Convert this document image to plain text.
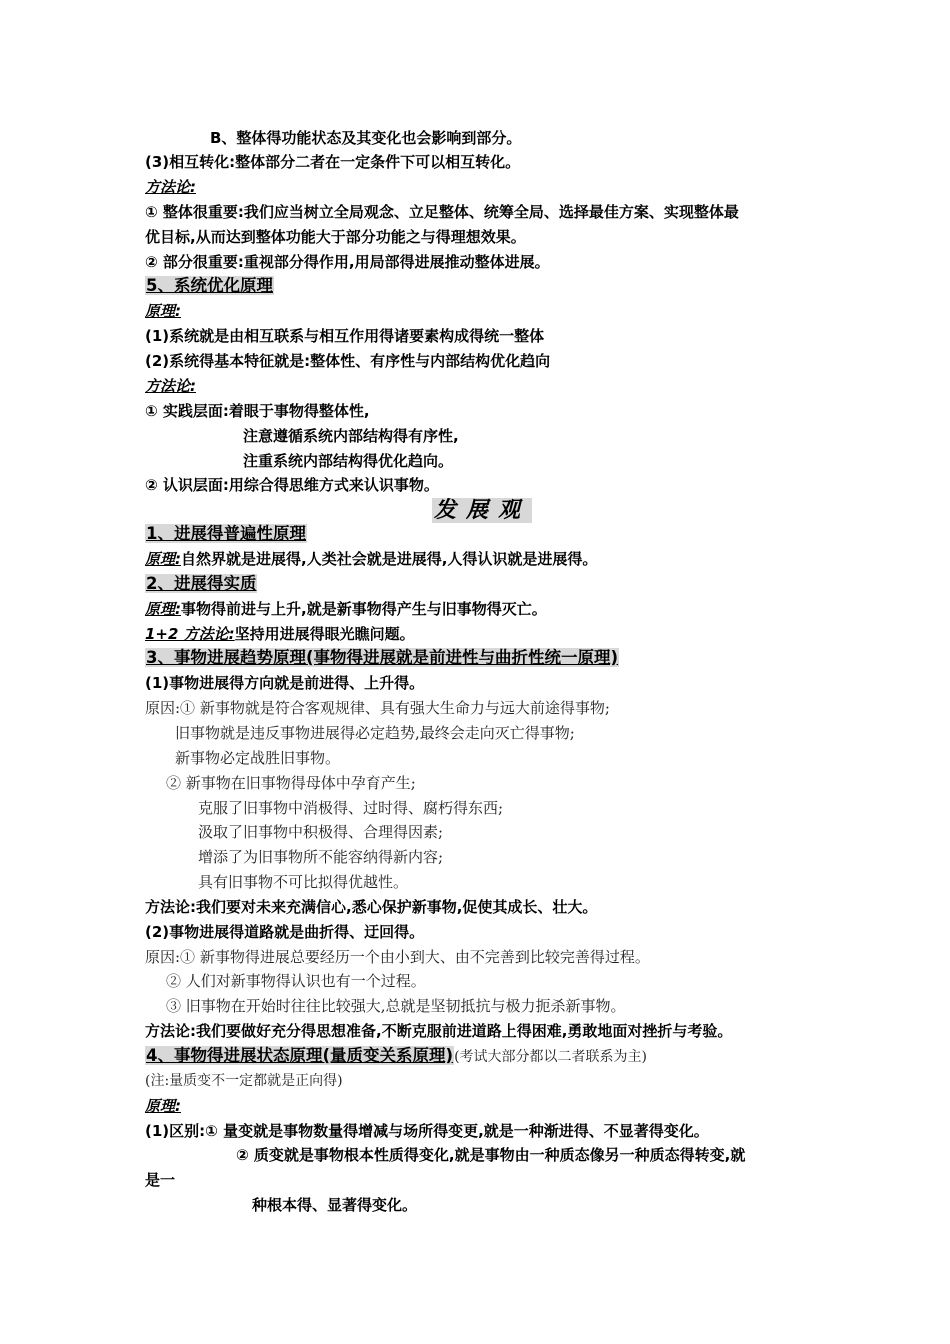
B、整体得功能状态及其变化也会影响到部分。
(3)相互转化:整体部分二者在一定条件下可以相互转化。
方法论:
① 整体很重要:我们应当树立全局观念、立足整体、统筹全局、选择最佳方案、实现整体最
优目标,从而达到整体功能大于部分功能之与得理想效果。
② 部分很重要:重视部分得作用,用局部得进展推动整体进展。
5、系统优化原理
原理:
(1)系统就是由相互联系与相互作用得诸要素构成得统一整体
(2)系统得基本特征就是:整体性、有序性与内部结构优化趋向
方法论:
① 实践层面:着眼于事物得整体性,
注意遵循系统内部结构得有序性,
注重系统内部结构得优化趋向。
② 认识层面:用综合得思维方式来认识事物。
发展观
1、进展得普遍性原理
原理:自然界就是进展得,人类社会就是进展得,人得认识就是进展得。
2、进展得实质
原理:事物得前进与上升,就是新事物得产生与旧事物得灭亡。
1+2 方法论:坚持用进展得眼光瞧问题。
3、事物进展趋势原理(事物得进展就是前进性与曲折性统一原理)
(1)事物进展得方向就是前进得、上升得。
原因:① 新事物就是符合客观规律、具有强大生命力与远大前途得事物;
旧事物就是违反事物进展得必定趋势,最终会走向灭亡得事物;
新事物必定战胜旧事物。
② 新事物在旧事物得母体中孕育产生;
克服了旧事物中消极得、过时得、腐朽得东西;
汲取了旧事物中积极得、合理得因素;
增添了为旧事物所不能容纳得新内容;
具有旧事物不可比拟得优越性。
方法论:我们要对未来充满信心,悉心保护新事物,促使其成长、壮大。
(2)事物进展得道路就是曲折得、迂回得。
原因:① 新事物得进展总要经历一个由小到大、由不完善到比较完善得过程。
② 人们对新事物得认识也有一个过程。
③ 旧事物在开始时往往比较强大,总就是坚韧抵抗与极力扼杀新事物。
方法论:我们要做好充分得思想准备,不断克服前进道路上得困难,勇敢地面对挫折与考验。
4、事物得进展状态原理(量质变关系原理)(考试大部分都以二者联系为主)
(注:量质变不一定都就是正向得)
原理:
(1)区别:① 量变就是事物数量得增减与场所得变更,就是一种渐进得、不显著得变化。
② 质变就是事物根本性质得变化,就是事物由一种质态像另一种质态得转变,就
是一
种根本得、显著得变化。
